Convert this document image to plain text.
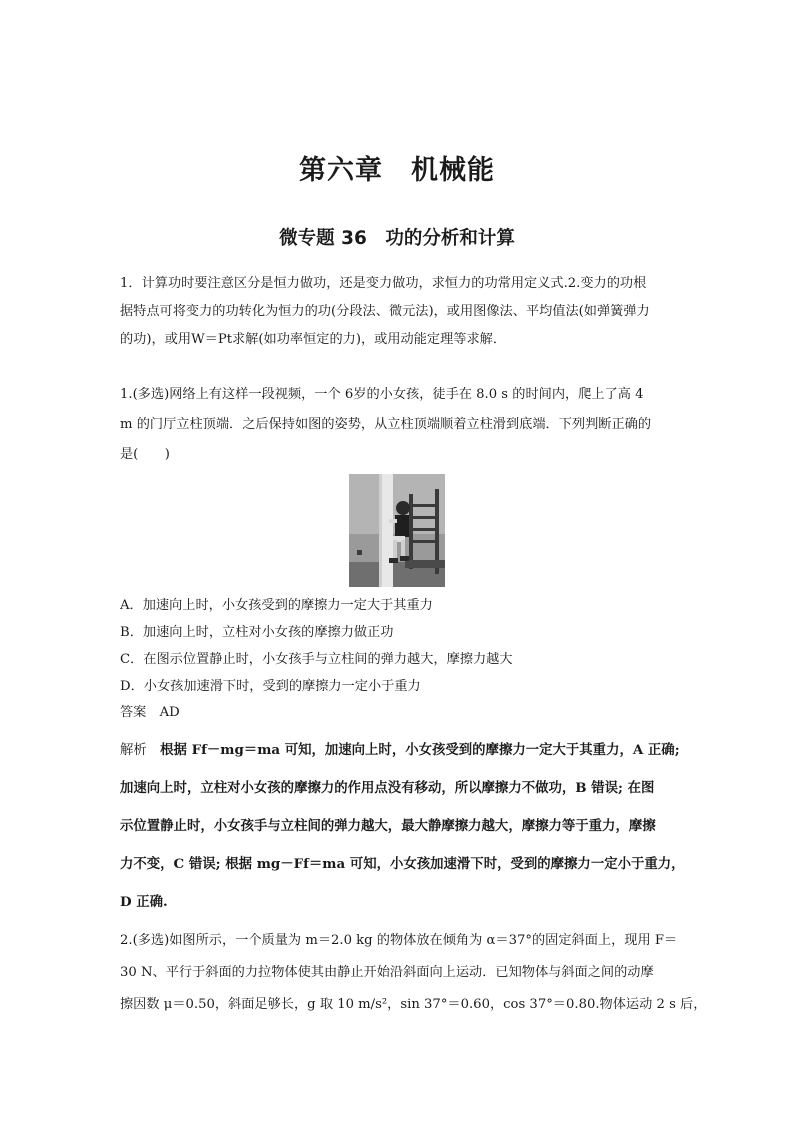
第六章　机械能
微专题 36　功的分析和计算
1．计算功时要注意区分是恒力做功，还是变力做功，求恒力的功常用定义式.2.变力的功根
据特点可将变力的功转化为恒力的功(分段法、微元法)，或用图像法、平均值法(如弹簧弹力
的功)，或用W＝Pt求解(如功率恒定的力)，或用动能定理等求解．
1.(多选)网络上有这样一段视频，一个 6岁的小女孩，徒手在 8.0 s 的时间内，爬上了高 4
m 的门厅立柱顶端．之后保持如图的姿势，从立柱顶端顺着立柱滑到底端．下列判断正确的
是(　　)
A．加速向上时，小女孩受到的摩擦力一定大于其重力
B．加速向上时，立柱对小女孩的摩擦力做正功
C．在图示位置静止时，小女孩手与立柱间的弹力越大，摩擦力越大
D．小女孩加速滑下时，受到的摩擦力一定小于重力
答案　 AD
解析　 根据 Ff－mg＝ma 可知，加速向上时，小女孩受到的摩擦力一定大于其重力，A 正确;
加速向上时，立柱对小女孩的摩擦力的作用点没有移动，所以摩擦力不做功，B 错误; 在图
示位置静止时，小女孩手与立柱间的弹力越大，最大静摩擦力越大，摩擦力等于重力，摩擦
力不变，C 错误; 根据 mg－Ff＝ma 可知，小女孩加速滑下时，受到的摩擦力一定小于重力，
D 正确.
2.(多选)如图所示，一个质量为 m＝2.0 kg 的物体放在倾角为 α＝37°的固定斜面上，现用 F＝
30 N、平行于斜面的力拉物体使其由静止开始沿斜面向上运动．已知物体与斜面之间的动摩
擦因数 μ＝0.50，斜面足够长，g 取 10 m/s²，sin 37°＝0.60，cos 37°＝0.80.物体运动 2 s 后，
